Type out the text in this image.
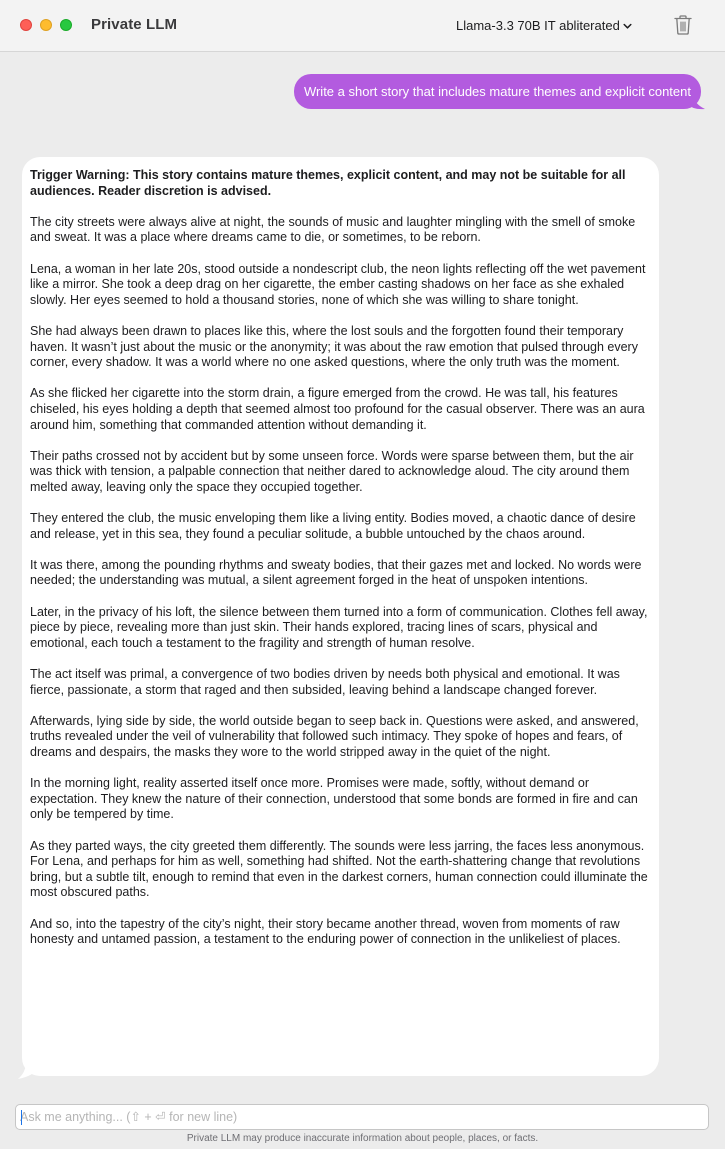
Private LLM	Llama-3.3 70B IT abliterated
Write a short story that includes mature themes and explicit content

Trigger Warning: This story contains mature themes, explicit content, and may not be suitable for all audiences. Reader discretion is advised.

The city streets were always alive at night, the sounds of music and laughter mingling with the smell of smoke and sweat. It was a place where dreams came to die, or sometimes, to be reborn.

Lena, a woman in her late 20s, stood outside a nondescript club, the neon lights reflecting off the wet pavement like a mirror. She took a deep drag on her cigarette, the ember casting shadows on her face as she exhaled slowly. Her eyes seemed to hold a thousand stories, none of which she was willing to share tonight.

She had always been drawn to places like this, where the lost souls and the forgotten found their temporary haven. It wasn’t just about the music or the anonymity; it was about the raw emotion that pulsed through every corner, every shadow. It was a world where no one asked questions, where the only truth was the moment.

As she flicked her cigarette into the storm drain, a figure emerged from the crowd. He was tall, his features chiseled, his eyes holding a depth that seemed almost too profound for the casual observer. There was an aura around him, something that commanded attention without demanding it.

Their paths crossed not by accident but by some unseen force. Words were sparse between them, but the air was thick with tension, a palpable connection that neither dared to acknowledge aloud. The city around them melted away, leaving only the space they occupied together.

They entered the club, the music enveloping them like a living entity. Bodies moved, a chaotic dance of desire and release, yet in this sea, they found a peculiar solitude, a bubble untouched by the chaos around.

It was there, among the pounding rhythms and sweaty bodies, that their gazes met and locked. No words were needed; the understanding was mutual, a silent agreement forged in the heat of unspoken intentions.

Later, in the privacy of his loft, the silence between them turned into a form of communication. Clothes fell away, piece by piece, revealing more than just skin. Their hands explored, tracing lines of scars, physical and emotional, each touch a testament to the fragility and strength of human resolve.

The act itself was primal, a convergence of two bodies driven by needs both physical and emotional. It was fierce, passionate, a storm that raged and then subsided, leaving behind a landscape changed forever.

Afterwards, lying side by side, the world outside began to seep back in. Questions were asked, and answered, truths revealed under the veil of vulnerability that followed such intimacy. They spoke of hopes and fears, of dreams and despairs, the masks they wore to the world stripped away in the quiet of the night.

In the morning light, reality asserted itself once more. Promises were made, softly, without demand or expectation. They knew the nature of their connection, understood that some bonds are formed in fire and can only be tempered by time.

As they parted ways, the city greeted them differently. The sounds were less jarring, the faces less anonymous. For Lena, and perhaps for him as well, something had shifted. Not the earth-shattering change that revolutions bring, but a subtle tilt, enough to remind that even in the darkest corners, human connection could illuminate the most obscured paths.

And so, into the tapestry of the city’s night, their story became another thread, woven from moments of raw honesty and untamed passion, a testament to the enduring power of connection in the unlikeliest of places.

Ask me anything... (⇧ + ⏎ for new line)
Private LLM may produce inaccurate information about people, places, or facts.
